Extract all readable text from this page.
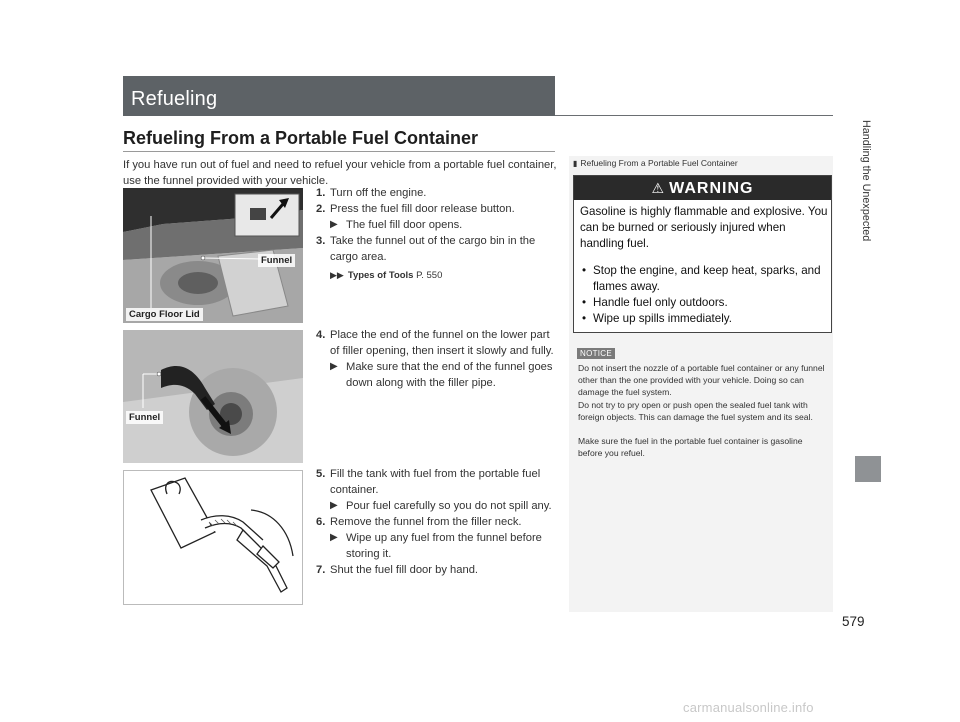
Refueling
Refueling From a Portable Fuel Container
If you have run out of fuel and need to refuel your vehicle from a portable fuel container, use the funnel provided with your vehicle.
Funnel
Cargo Floor Lid
1. Turn off the engine.
2. Press the fuel fill door release button.
▶ The fuel fill door opens.
3. Take the funnel out of the cargo bin in the cargo area.
▶▶ Types of Tools P. 550
Funnel
4. Place the end of the funnel on the lower part of filler opening, then insert it slowly and fully.
▶ Make sure that the end of the funnel goes down along with the filler pipe.
5. Fill the tank with fuel from the portable fuel container.
▶ Pour fuel carefully so you do not spill any.
6. Remove the funnel from the filler neck.
▶ Wipe up any fuel from the funnel before storing it.
7. Shut the fuel fill door by hand.
▮ Refueling From a Portable Fuel Container
⚠ WARNING
Gasoline is highly flammable and explosive. You can be burned or seriously injured when handling fuel.
• Stop the engine, and keep heat, sparks, and flames away.
• Handle fuel only outdoors.
• Wipe up spills immediately.
NOTICE
Do not insert the nozzle of a portable fuel container or any funnel other than the one provided with your vehicle. Doing so can damage the fuel system.
Do not try to pry open or push open the sealed fuel tank with foreign objects. This can damage the fuel system and its seal.
Make sure the fuel in the portable fuel container is gasoline before you refuel.
Handling the Unexpected
579
carmanualsonline.info
